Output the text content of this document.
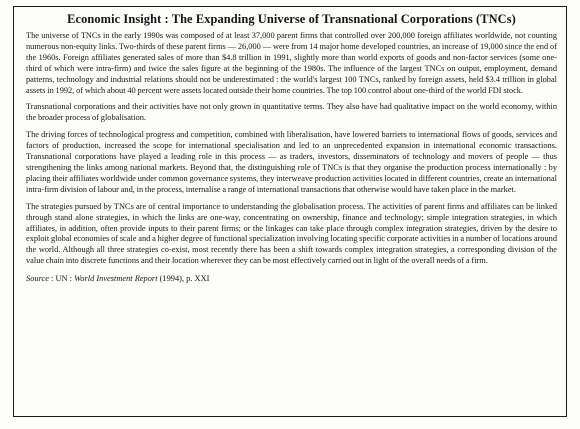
Economic Insight : The Expanding Universe of Transnational Corporations (TNCs)

The universe of TNCs in the early 1990s was composed of at least 37,000 parent firms that controlled over 200,000 foreign affiliates worldwide, not counting numerous non-equity links. Two-thirds of these parent firms — 26,000 — were from 14 major home developed countries, an increase of 19,000 since the end of the 1960s. Foreign affiliates generated sales of more than $4.8 trillion in 1991, slightly more than world exports of goods and non-factor services (some one-third of which were intra-firm) and twice the sales figure at the beginning of the 1980s. The influence of the largest TNCs on output, employment, demand patterns, technology and industrial relations should not be underestimated : the world's largest 100 TNCs, ranked by foreign assets, held $3.4 trillion in global assets in 1992, of which about 40 percent were assets located outside their home countries. The top 100 control about one-third of the world FDI stock.

Transnational corporations and their activities have not only grown in quantitative terms. They also have had qualitative impact on the world economy, within the broader process of globalisation.

The driving forces of technological progress and competition, combined with liberalisation, have lowered barriers to international flows of goods, services and factors of production, increased the scope for international specialisation and led to an unprecedented expansion in international economic transactions. Transnational corporations have played a leading role in this process — as traders, investors, disseminators of technology and movers of people — thus strengthening the links among national markets. Beyond that, the distinguishing role of TNCs is that they organise the production process internationally : by placing their affiliates worldwide under common governance systems, they interweave production activities located in different countries, create an international intra-firm division of labour and, in the process, internalise a range of international transactions that otherwise would have taken place in the market.

The strategies pursued by TNCs are of central importance to understanding the globalisation process. The activities of parent firms and affiliates can be linked through stand alone strategies, in which the links are one-way, concentrating on ownership, finance and technology; simple integration strategies, in which affiliates, in addition, often provide inputs to their parent firms; or the linkages can take place through complex integration strategies, driven by the desire to exploit global economies of scale and a higher degree of functional specialization involving locating specific corporate activities in a number of locations around the world. Although all three strategies co-exist, most recently there has been a shift towards complex integration strategies, a corresponding division of the value chain into discrete functions and their location wherever they can be most effectively carried out in light of the overall needs of a firm.

Source : UN : World Investment Report (1994), p. XXI
